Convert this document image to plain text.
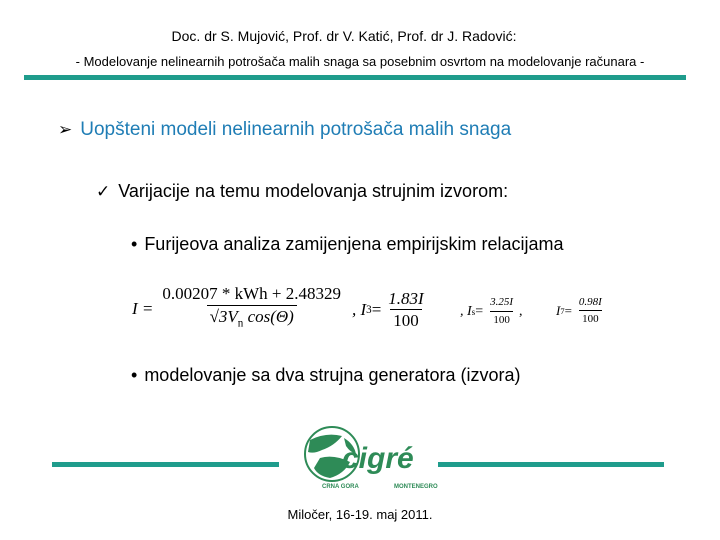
Doc. dr S. Mujović, Prof. dr V. Katić, Prof. dr J. Radović:
- Modelovanje nelinearnih potrošača malih snaga sa posebnim osvrtom na modelovanje računara -
➢ Uopšteni modeli nelinearnih potrošača malih snaga
✓ Varijacije na temu modelovanja strujnim izvorom:
• Furijeova analiza zamijenjena empirijskim relacijama
$I = \frac{\text{0.00207 * kWh + 2.48329}}{√3V_n \cos(\Theta)}$ , I $3 = \frac{1.83I}{100}$ , I $s = \frac{3.25I}{100}$ ,	I $7 = \frac{0.98I}{100}$
• modelovanje sa dva strujna generatora (izvora)
cigré
CRNA GORA	MONTENEGRO
Miločer, 16-19. maj 2011.
